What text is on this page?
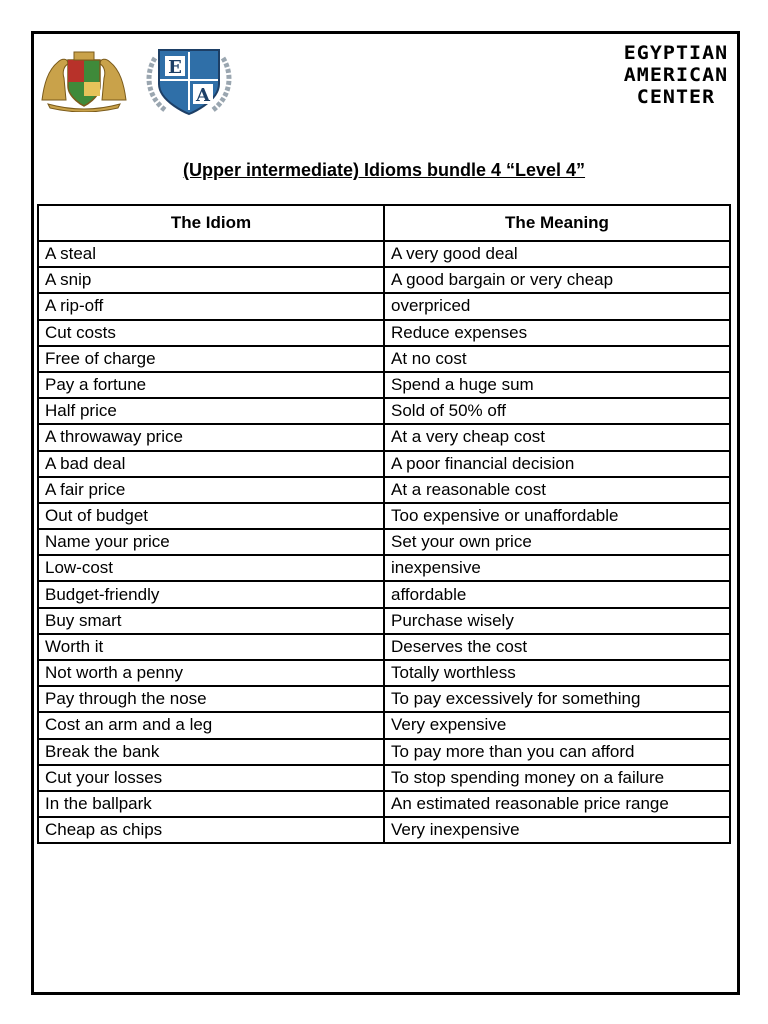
E
A
EGYPTIAN
AMERICAN
CENTER
(Upper intermediate) Idioms bundle 4 “Level 4”
The Idiom	The Meaning
A steal	A very good deal
A snip	A good bargain or very cheap
A rip-off	overpriced
Cut costs	Reduce expenses
Free of charge	At no cost
Pay a fortune	Spend a huge sum
Half price	Sold of 50% off
A throwaway price	At a very cheap cost
A bad deal	A poor financial decision
A fair price	At a reasonable cost
Out of budget	Too expensive or unaffordable
Name your price	Set your own price
Low-cost	inexpensive
Budget-friendly	affordable
Buy smart	Purchase wisely
Worth it	Deserves the cost
Not worth a penny	Totally worthless
Pay through the nose	To pay excessively for something
Cost an arm and a leg	Very expensive
Break the bank	To pay more than you can afford
Cut your losses	To stop spending money on a failure
In the ballpark	An estimated reasonable price range
Cheap as chips	Very inexpensive
